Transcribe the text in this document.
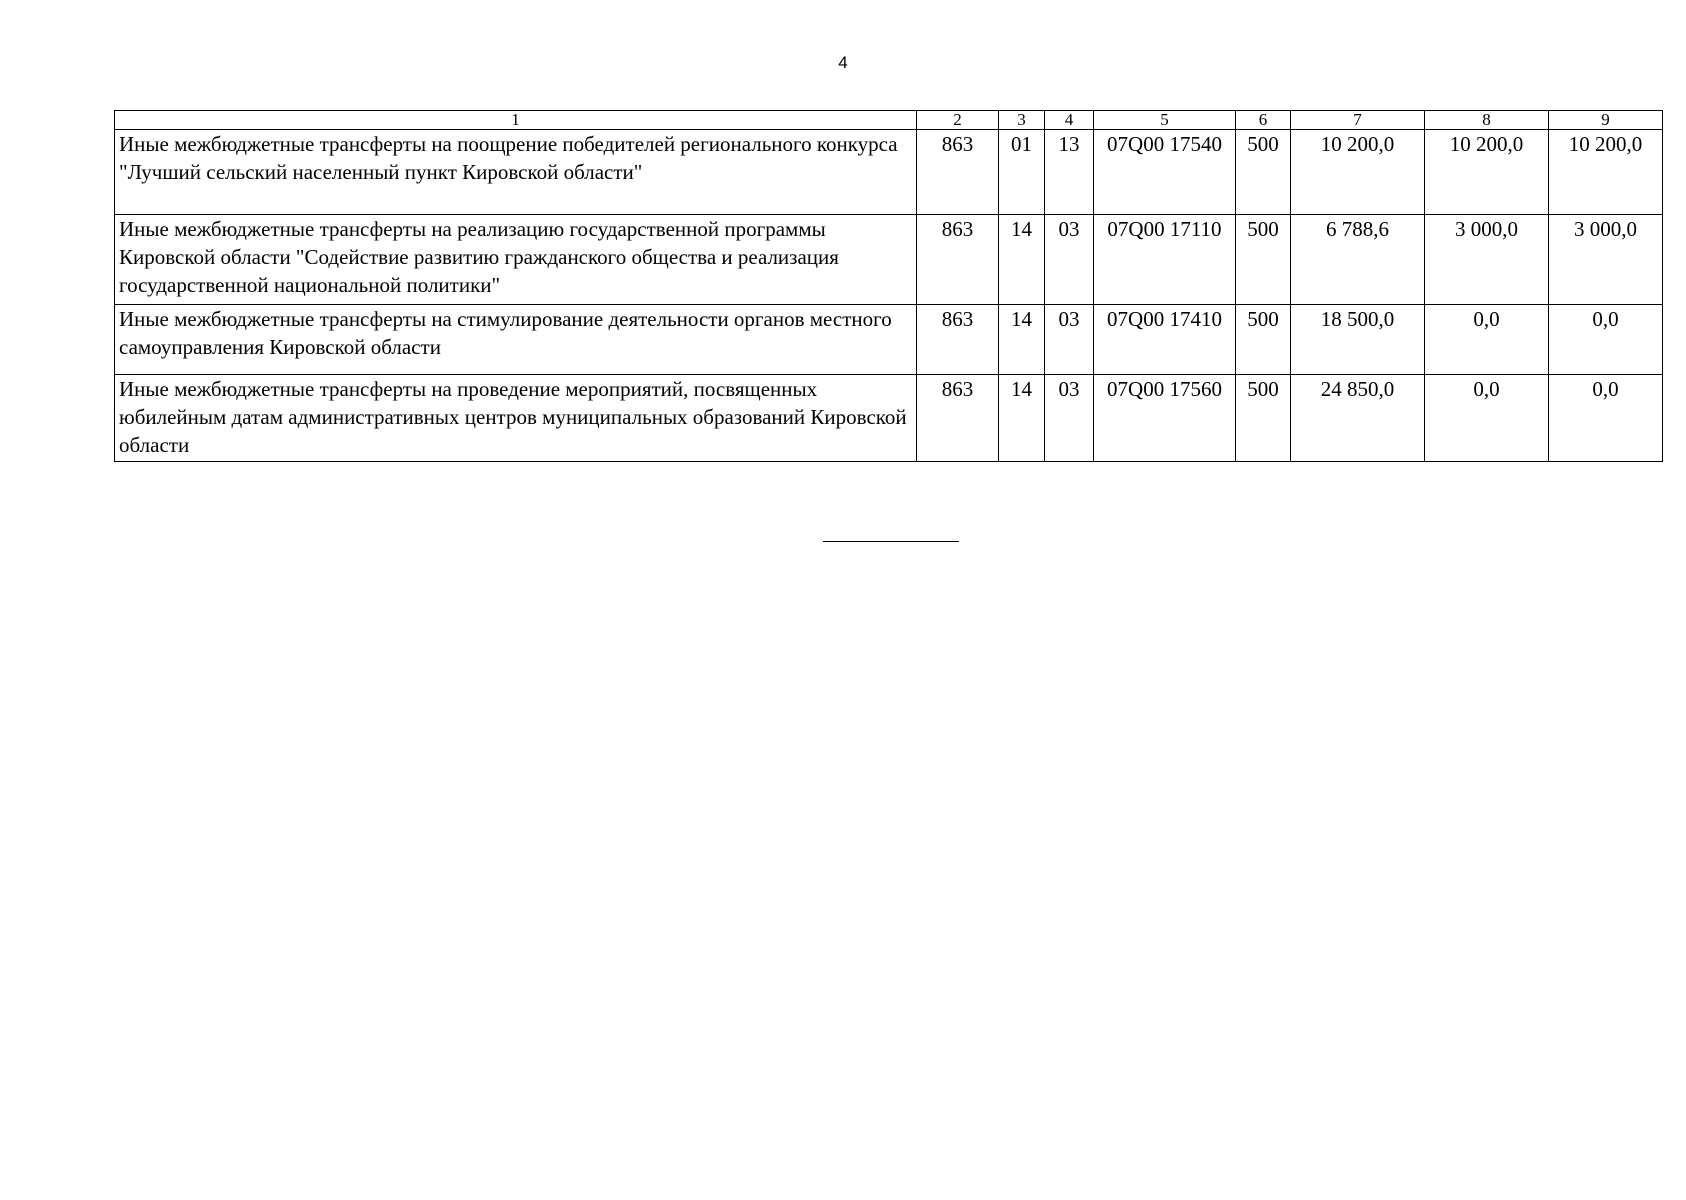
4
1	2	3	4	5	6	7	8	9
Иные межбюджетные трансферты на поощрение победителей регионального конкурса "Лучший сельский населенный пункт Кировской области"	863	01	13	07Q00 17540	500	10 200,0	10 200,0	10 200,0
Иные межбюджетные трансферты на реализацию государственной программы Кировской области "Содействие развитию гражданского общества и реализация государственной национальной политики"	863	14	03	07Q00 17110	500	6 788,6	3 000,0	3 000,0
Иные межбюджетные трансферты на стимулирование деятельности органов местного самоуправления Кировской области	863	14	03	07Q00 17410	500	18 500,0	0,0	0,0
Иные межбюджетные трансферты на проведение мероприятий, посвященных юбилейным датам административных центров муниципальных образований Кировской области	863	14	03	07Q00 17560	500	24 850,0	0,0	0,0
